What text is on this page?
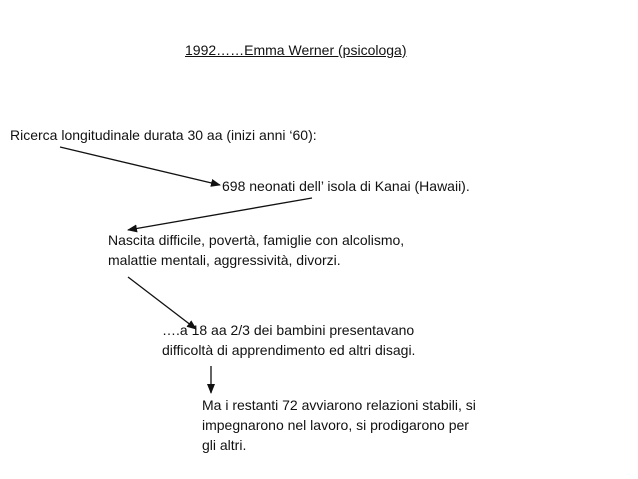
1992……Emma Werner (psicologa)
Ricerca longitudinale durata 30 aa (inizi anni ‘60):
698 neonati dell’ isola di Kanai (Hawaii).
Nascita difficile, povertà, famiglie con alcolismo,
malattie mentali, aggressività, divorzi.
….a 18 aa 2/3 dei bambini presentavano
difficoltà di apprendimento ed altri disagi.
Ma i restanti 72 avviarono relazioni stabili, si
impegnarono nel lavoro, si prodigarono per
gli altri.
